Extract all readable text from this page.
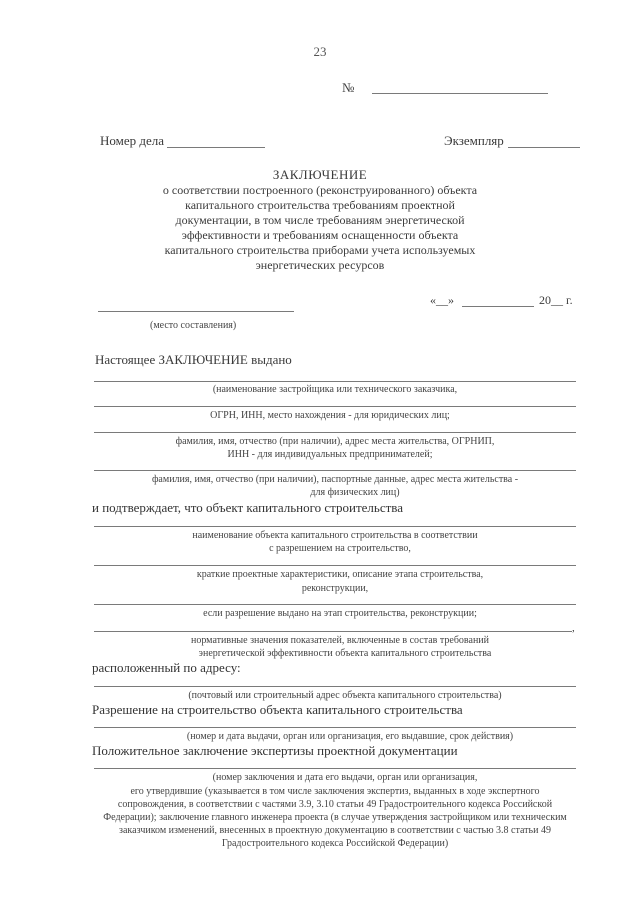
23
№
Номер дела	Экземпляр
ЗАКЛЮЧЕНИЕ
о соответствии построенного (реконструированного) объекта
капитального строительства требованиям проектной
документации, в том числе требованиям энергетической
эффективности и требованиям оснащенности объекта
капитального строительства приборами учета используемых
энергетических ресурсов
«__»	20__ г.
(место составления)
Настоящее ЗАКЛЮЧЕНИЕ выдано
(наименование застройщика или технического заказчика,
ОГРН, ИНН, место нахождения - для юридических лиц;
фамилия, имя, отчество (при наличии), адрес места жительства, ОГРНИП,
ИНН - для индивидуальных предпринимателей;
фамилия, имя, отчество (при наличии), паспортные данные, адрес места жительства -
для физических лиц)
и подтверждает, что объект капитального строительства
наименование объекта капитального строительства в соответствии
с разрешением на строительство,
краткие проектные характеристики, описание этапа строительства,
реконструкции,
если разрешение выдано на этап строительства, реконструкции;
,
нормативные значения показателей, включенные в состав требований
энергетической эффективности объекта капитального строительства
расположенный по адресу:
(почтовый или строительный адрес объекта капитального строительства)
Разрешение на строительство объекта капитального строительства
(номер и дата выдачи, орган или организация, его выдавшие, срок действия)
Положительное заключение экспертизы проектной документации
(номер заключения и дата его выдачи, орган или организация,
его утвердившие (указывается в том числе заключения экспертиз, выданных в ходе экспертного
сопровождения, в соответствии с частями 3.9, 3.10 статьи 49 Градостроительного кодекса Российской
Федерации); заключение главного инженера проекта (в случае утверждения застройщиком или техническим
заказчиком изменений, внесенных в проектную документацию в соответствии с частью 3.8 статьи 49
Градостроительного кодекса Российской Федерации)
